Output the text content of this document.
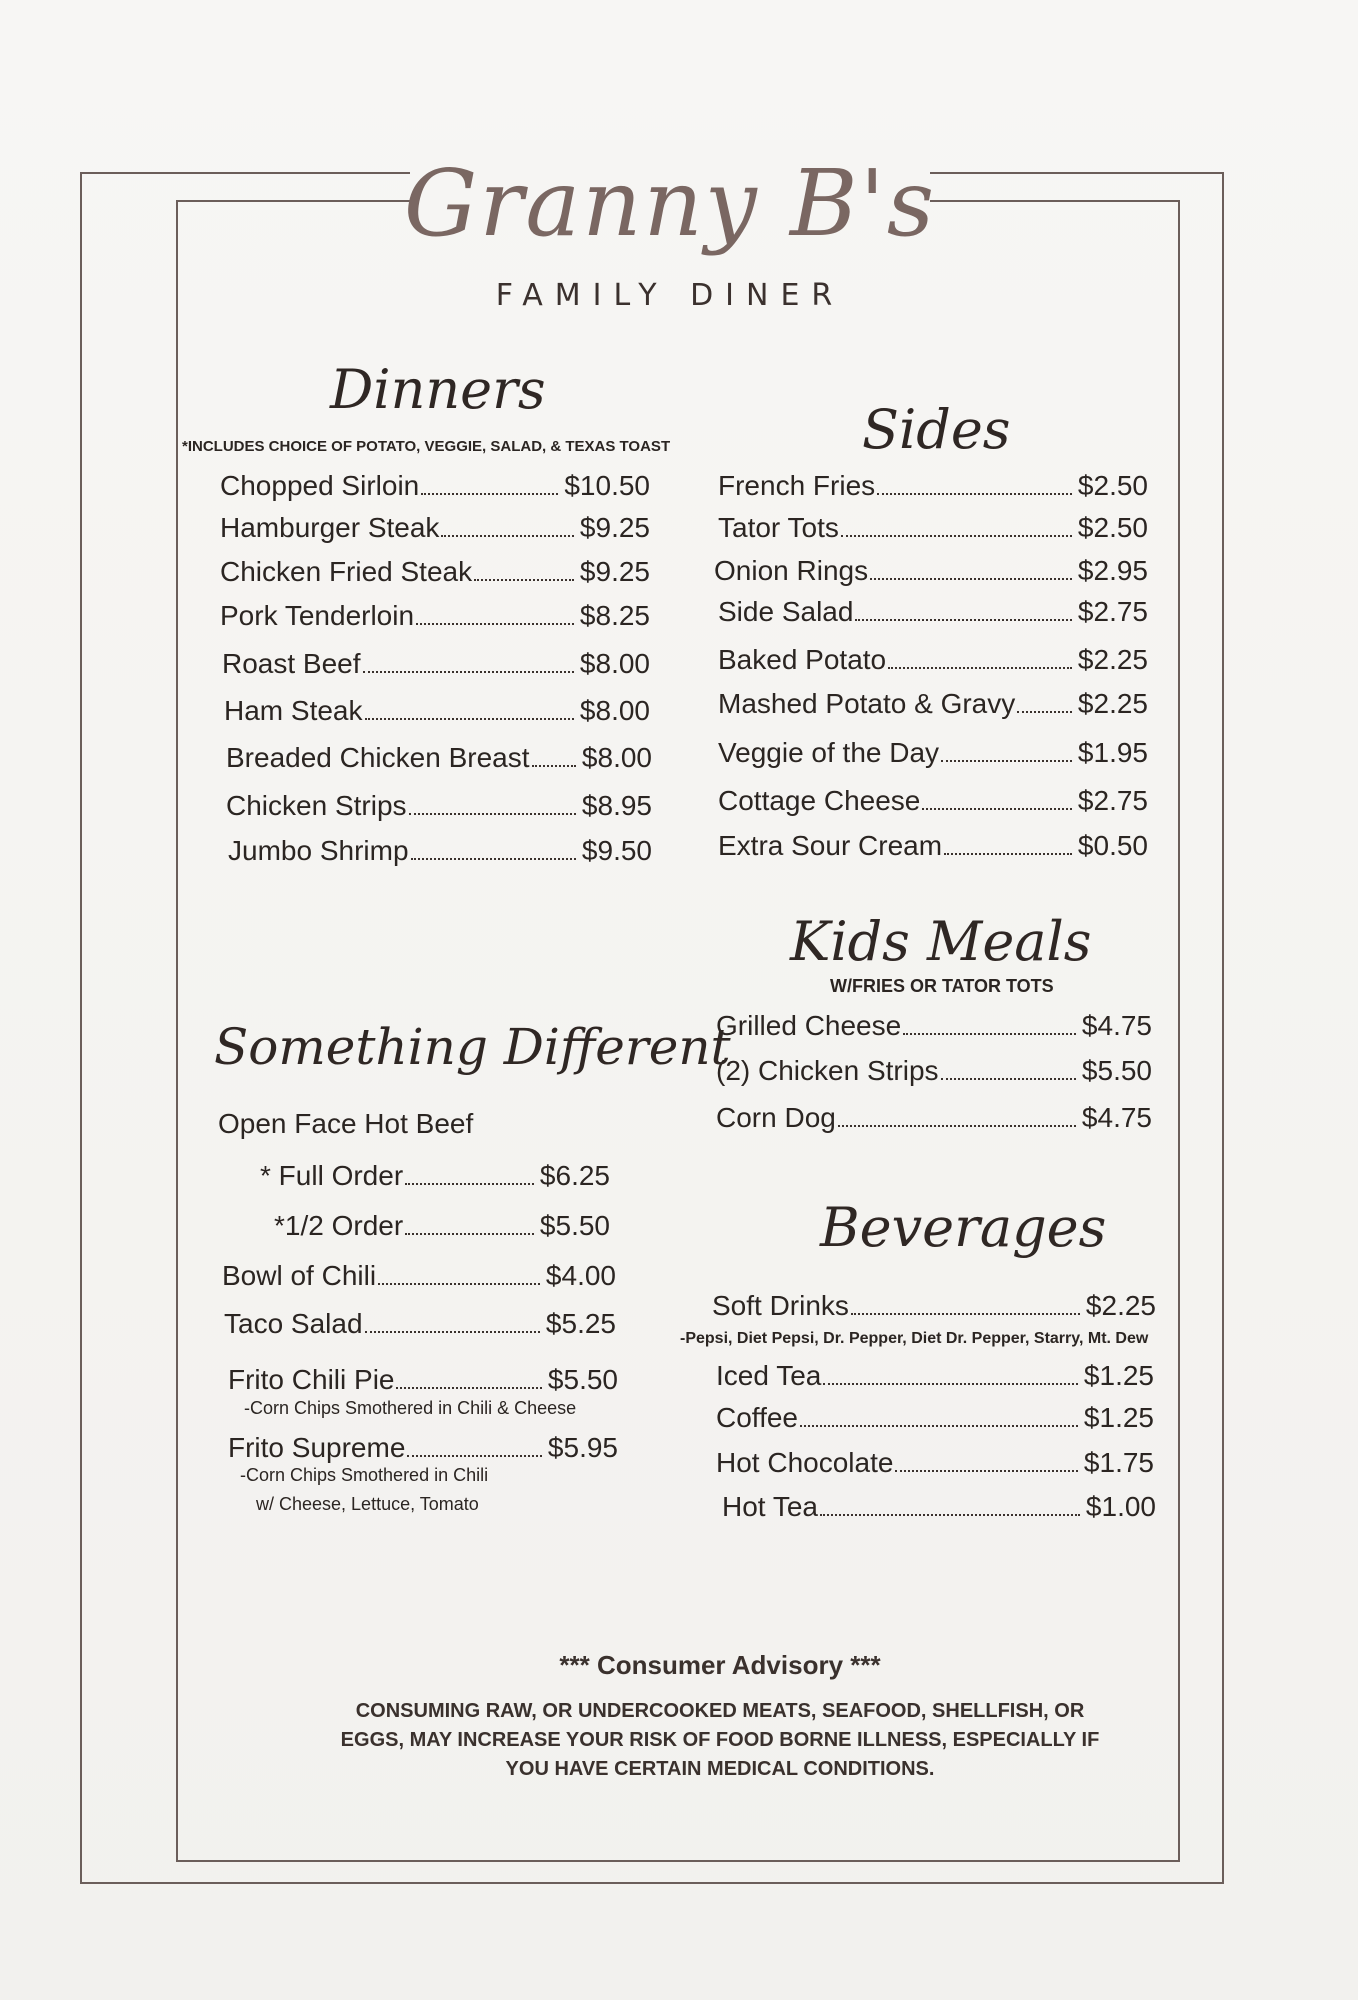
Granny B's
FAMILY DINER
Dinners
*INCLUDES CHOICE OF POTATO, VEGGIE, SALAD, & TEXAS TOAST
Chopped Sirloin	$10.50
Hamburger Steak	$9.25
Chicken Fried Steak	$9.25
Pork Tenderloin	$8.25
Roast Beef	$8.00
Ham Steak	$8.00
Breaded Chicken Breast $8.00
Chicken Strips	$8.95
Jumbo Shrimp	$9.50
Sides
French Fries	$2.50
Tator Tots	$2.50
Onion Rings	$2.95
Side Salad	$2.75
Baked Potato	$2.25
Mashed Potato & Gravy $2.25
Veggie of the Day	$1.95
Cottage Cheese	$2.75
Extra Sour Cream	$0.50
Kids Meals
W/FRIES OR TATOR TOTS
Grilled Cheese	$4.75
(2) Chicken Strips	$5.50
Corn Dog	$4.75
Something Different
Open Face Hot Beef
* Full Order	$6.25
*1/2 Order	$5.50
Bowl of Chili	$4.00
Taco Salad	$5.25
Frito Chili Pie	$5.50
-Corn Chips Smothered in Chili & Cheese
Frito Supreme	$5.95
-Corn Chips Smothered in Chili
w/ Cheese, Lettuce, Tomato
Beverages
Soft Drinks	$2.25
-Pepsi, Diet Pepsi, Dr. Pepper, Diet Dr. Pepper, Starry, Mt. Dew
Iced Tea	$1.25
Coffee	$1.25
Hot Chocolate	$1.75
Hot Tea	$1.00
*** Consumer Advisory ***
CONSUMING RAW, OR UNDERCOOKED MEATS, SEAFOOD, SHELLFISH, OR
EGGS, MAY INCREASE YOUR RISK OF FOOD BORNE ILLNESS, ESPECIALLY IF
YOU HAVE CERTAIN MEDICAL CONDITIONS.
